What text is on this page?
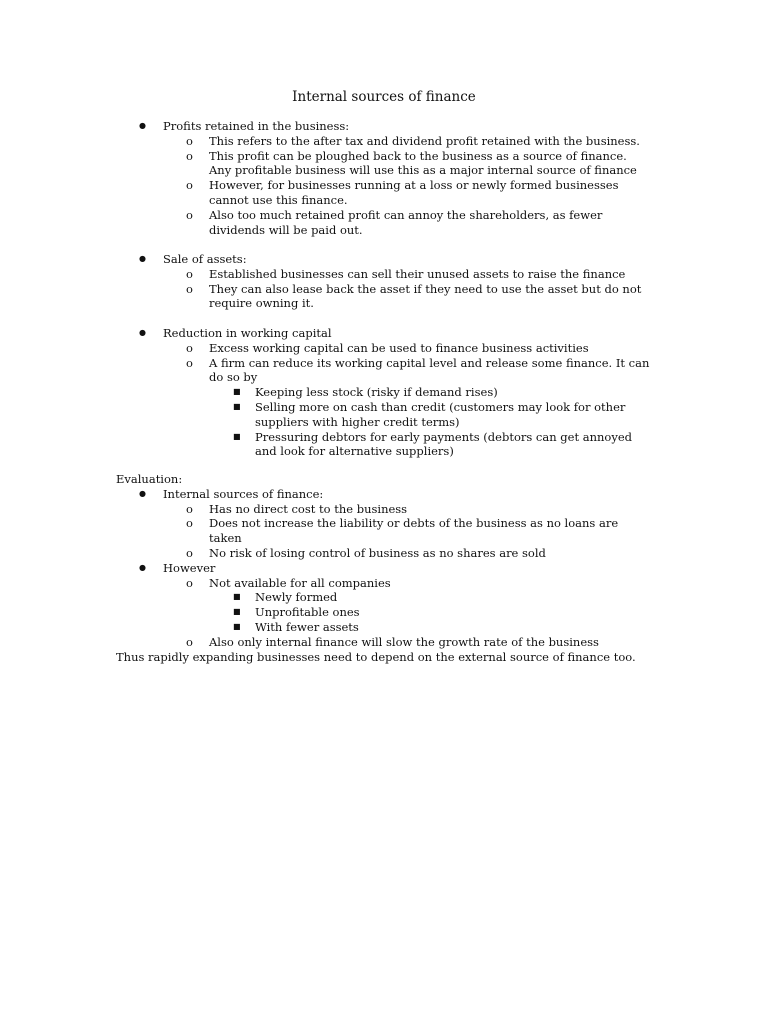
Internal sources of finance
● Profits retained in the business:
o This refers to the after tax and dividend profit retained with the business.
o This profit can be ploughed back to the business as a source of finance. Any profitable business will use this as a major internal source of finance
o However, for businesses running at a loss or newly formed businesses cannot use this finance.
o Also too much retained profit can annoy the shareholders, as fewer dividends will be paid out.
● Sale of assets:
o Established businesses can sell their unused assets to raise the finance
o They can also lease back the asset if they need to use the asset but do not require owning it.
● Reduction in working capital
o Excess working capital can be used to finance business activities
o A firm can reduce its working capital level and release some finance. It can do so by
■ Keeping less stock (risky if demand rises)
■ Selling more on cash than credit (customers may look for other suppliers with higher credit terms)
■ Pressuring debtors for early payments (debtors can get annoyed and look for alternative suppliers)
Evaluation:
● Internal sources of finance:
o Has no direct cost to the business
o Does not increase the liability or debts of the business as no loans are taken
o No risk of losing control of business as no shares are sold
● However
o Not available for all companies
■ Newly formed
■ Unprofitable ones
■ With fewer assets
o Also only internal finance will slow the growth rate of the business
Thus rapidly expanding businesses need to depend on the external source of finance too.
